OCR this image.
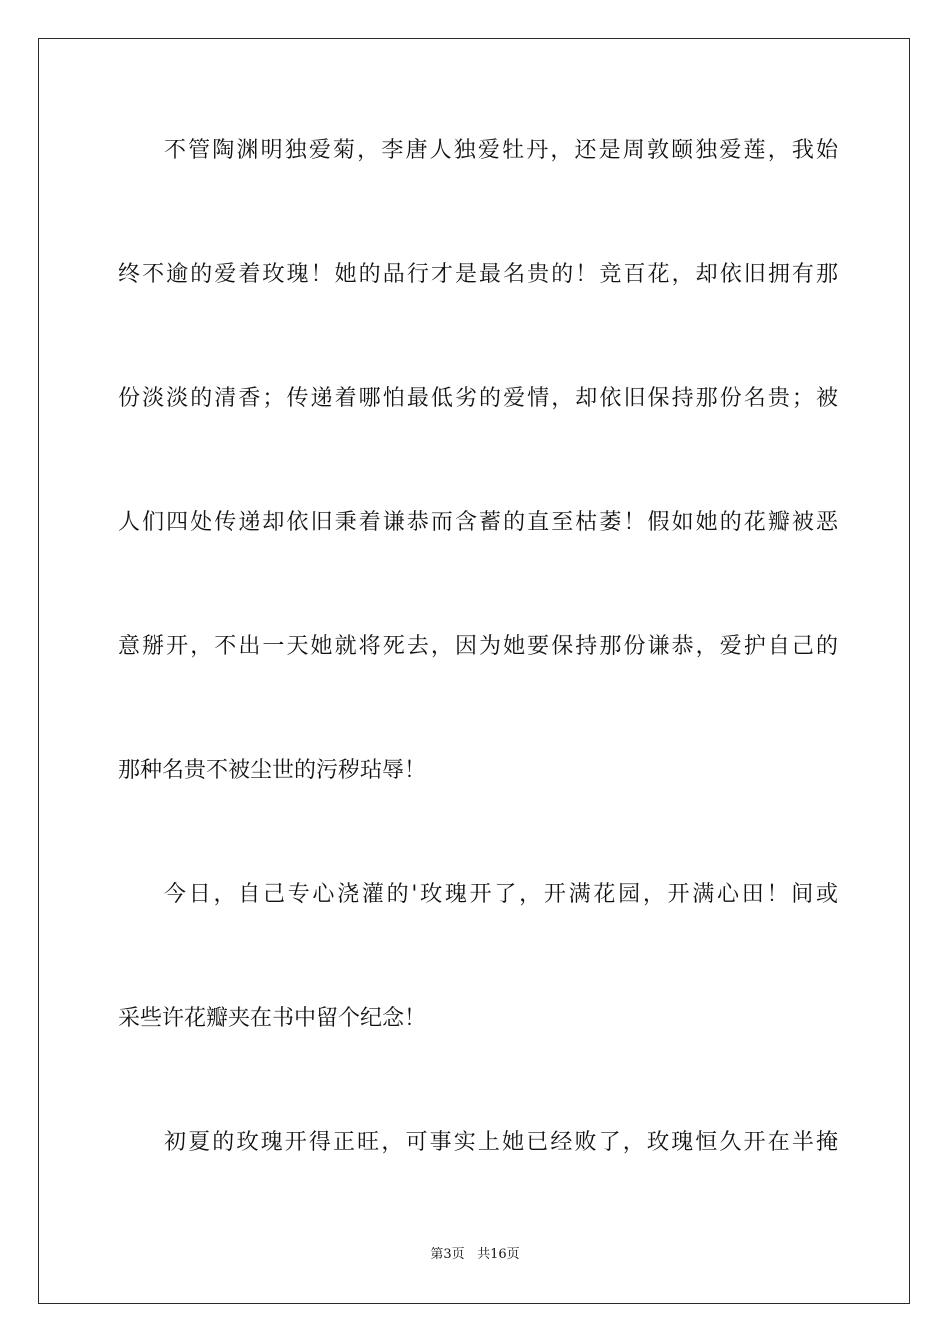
不管陶渊明独爱菊，李唐人独爱牡丹，还是周敦颐独爱莲，我始
终不逾的爱着玫瑰！她的品行才是最名贵的！竞百花，却依旧拥有那
份淡淡的清香；传递着哪怕最低劣的爱情，却依旧保持那份名贵；被
人们四处传递却依旧秉着谦恭而含蓄的直至枯萎！假如她的花瓣被恶
意掰开，不出一天她就将死去，因为她要保持那份谦恭，爱护自己的
那种名贵不被尘世的污秽玷辱！
今日，自己专心浇灌的'玫瑰开了，开满花园，开满心田！间或
采些许花瓣夹在书中留个纪念！
初夏的玫瑰开得正旺，可事实上她已经败了，玫瑰恒久开在半掩
第3页 共16页
